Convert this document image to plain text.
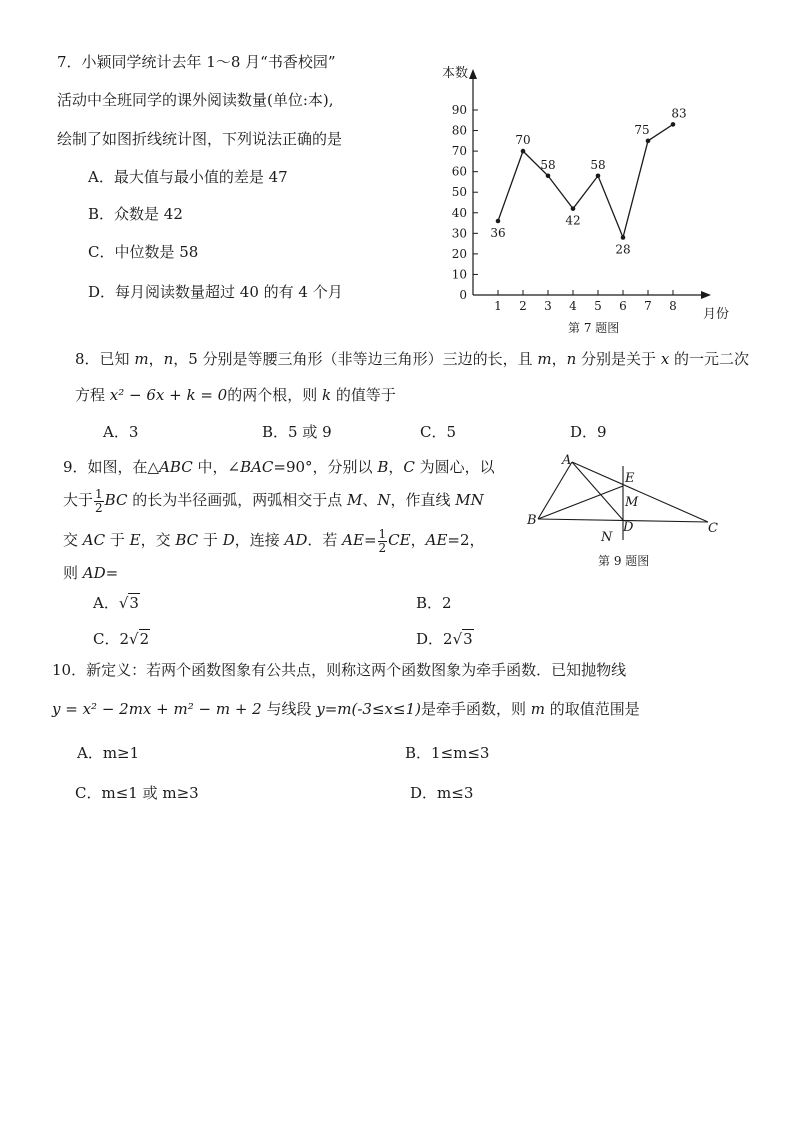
7．小颖同学统计去年 1～8 月“书香校园”
活动中全班同学的课外阅读数量(单位:本),
绘制了如图折线统计图，下列说法正确的是
A．最大值与最小值的差是 47
B．众数是 42
C．中位数是 58
D．每月阅读数量超过 40 的有 4 个月	0
10
20
30
40
50
60
70
80
90
1 2 3 4 5 6 7 8
36
70
58
42
58
28
75
83
本数
月份
第 7 题图
8．已知 m，n，5 分别是等腰三角形（非等边三角形）三边的长，且 m，n 分别是关于 x 的一元二次
方程 x² − 6x + k = 0的两个根，则 k 的值等于
A．3	B．5 或 9	C．5	D．9
9．如图，在△ABC 中，∠BAC=90°，分别以 B，C 为圆心，以
大于 $\frac{1}{2}$ BC 的长为半径画弧，两弧相交于点 M、N，作直线 MN
交 AC 于 E，交 BC 于 D，连接 AD．若 $AE= \frac{1}{2}$ CE，AE=2，
则 AD=
A．√3	B．2
C．2√2	D．2√3
A
B
C
E
M
N
D
第 9 题图
10．新定义：若两个函数图象有公共点，则称这两个函数图象为牵手函数．已知抛物线
y = x² − 2mx + m² − m + 2 与线段 y=m(-3≤x≤1)是牵手函数，则 m 的取值范围是
A．m≥1	B．1≤m≤3
C．m≤1 或 m≥3	D．m≤3
